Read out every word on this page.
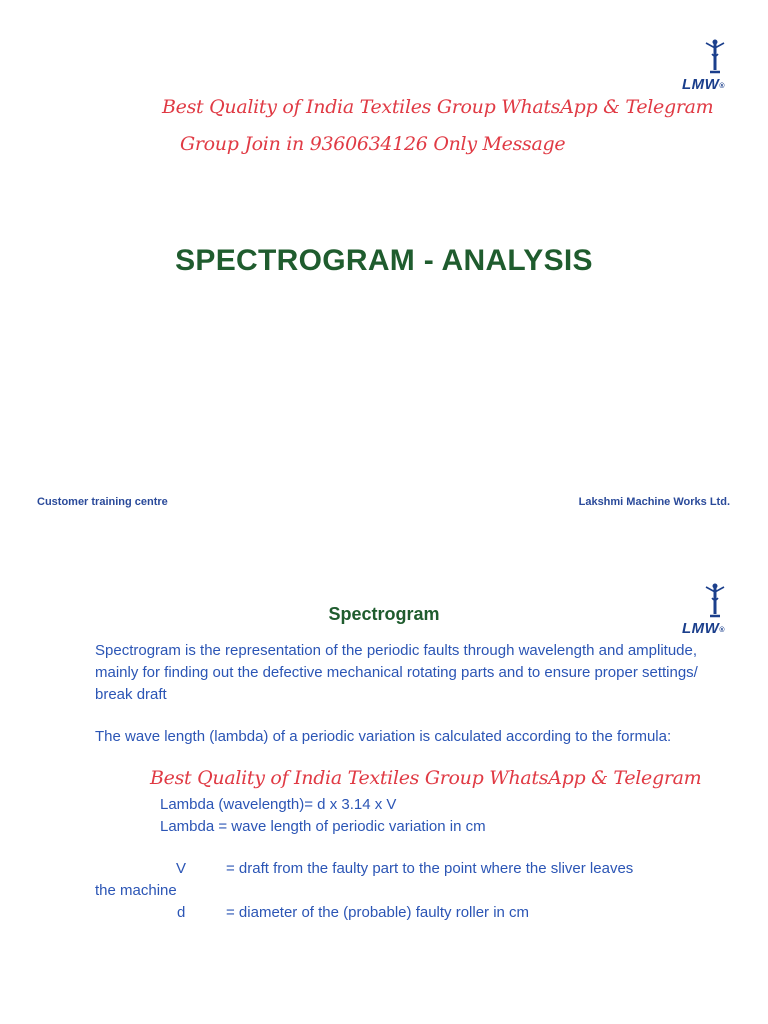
LMW®
Best Quality of India Textiles Group WhatsApp & Telegram
Group Join in 9360634126 Only Message
SPECTROGRAM - ANALYSIS
Customer training centre	Lakshmi Machine Works Ltd.
LMW®
Spectrogram
Spectrogram is the representation of the periodic faults through wavelength and amplitude, mainly for finding out the defective mechanical rotating parts and to ensure proper settings/ break draft
The wave length (lambda) of a periodic variation is calculated according to the formula:
Best Quality of India Textiles Group WhatsApp & Telegram
Lambda (wavelength)= d x 3.14 x V
Lambda = wave length of periodic variation in cm
V	= draft from the faulty part to the point where the sliver leaves
the machine
d	= diameter of the (probable) faulty roller in cm
